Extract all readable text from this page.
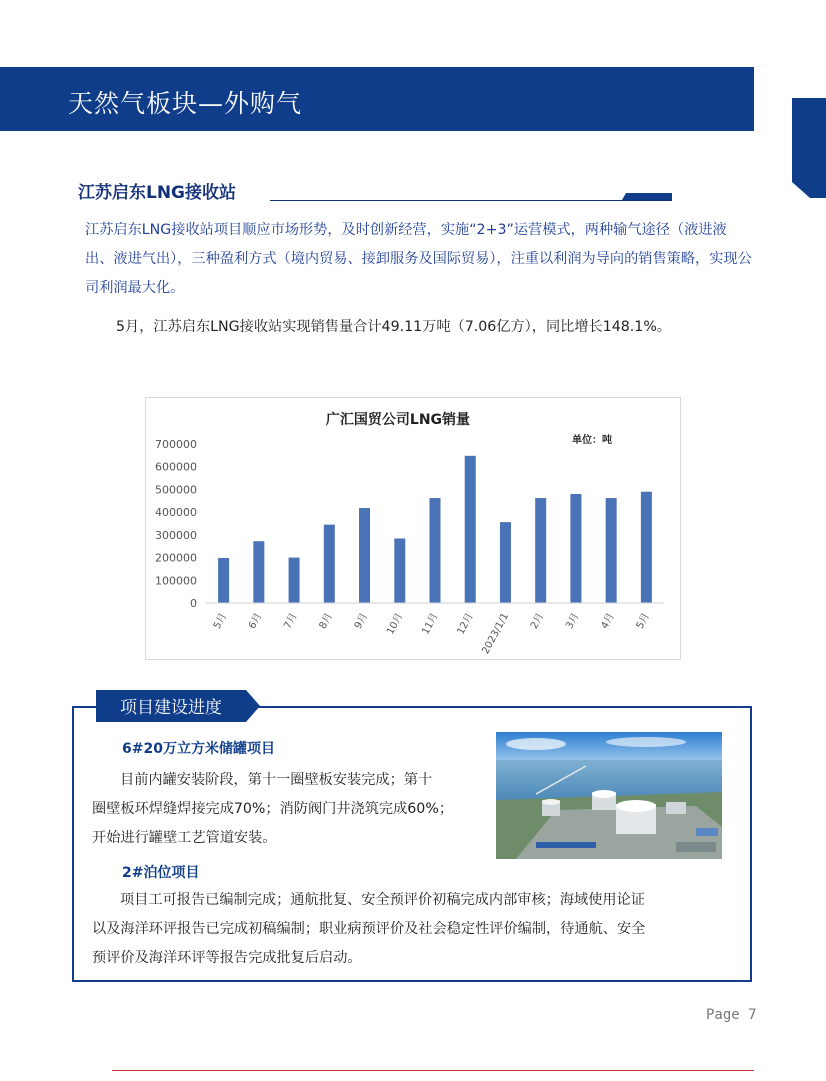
天然气板块—外购气
江苏启东LNG接收站
江苏启东LNG接收站项目顺应市场形势，及时创新经营，实施“2+3”运营模式，两种输气途径（液进液出、液进气出），三种盈利方式（境内贸易、接卸服务及国际贸易），注重以利润为导向的销售策略，实现公司利润最大化。
5月，江苏启东LNG接收站实现销售量合计49.11万吨（7.06亿方），同比增长148.1%。
广汇国贸公司LNG销量
单位：吨
0
100000
200000
300000
400000
500000
600000
700000
5月 6月 7月 8月 9月 10月 11月 12月 2023/1/1 2月 3月 4月 5月
项目建设进度
6#20万立方米储罐项目
目前内罐安装阶段，第十一圈壁板安装完成；第十
圈壁板环焊缝焊接完成70%；消防阀门井浇筑完成60%；
开始进行罐壁工艺管道安装。
2#泊位项目
项目工可报告已编制完成；通航批复、安全预评价初稿完成内部审核；海域使用论证
以及海洋环评报告已完成初稿编制；职业病预评价及社会稳定性评价编制，待通航、安全
预评价及海洋环评等报告完成批复后启动。
Page 7
